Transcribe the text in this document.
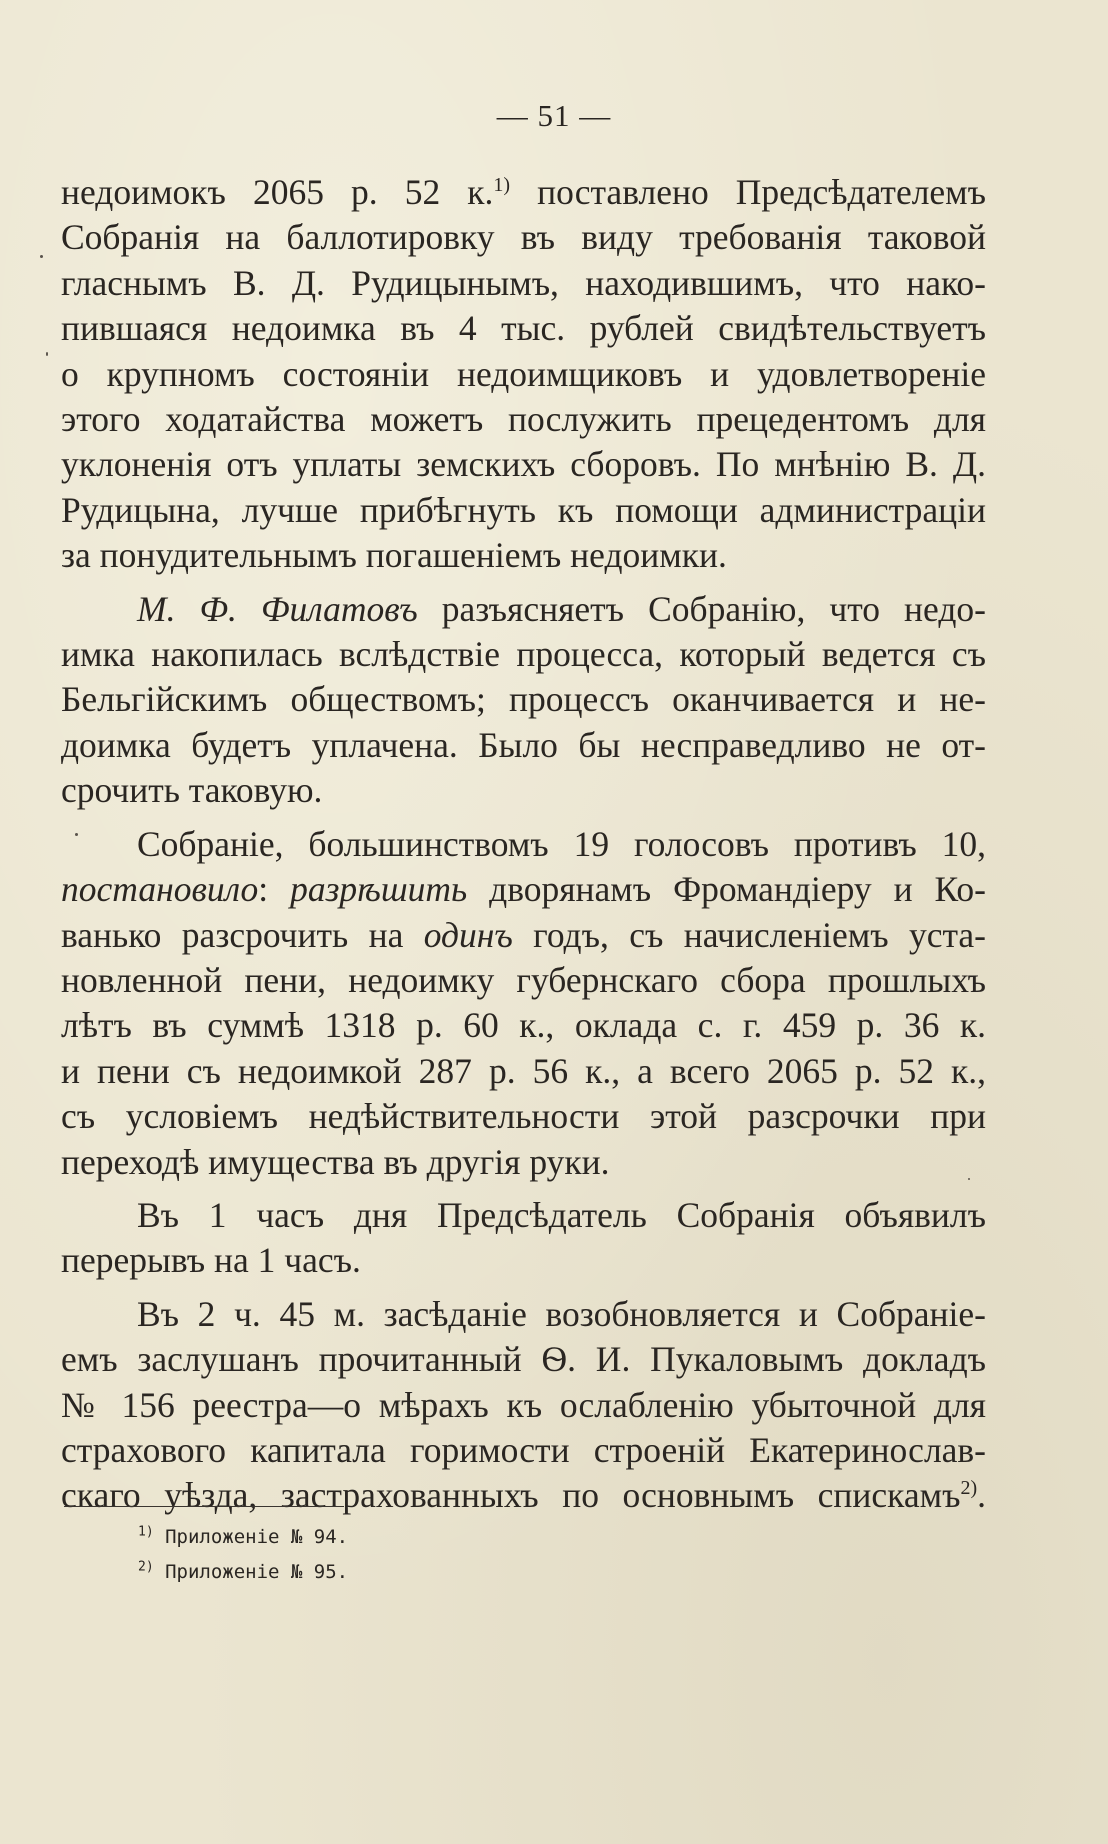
— 51 —
недоимокъ 2065 р. 52 к.$^{1)}$ поставлено Предсѣдателемъ
Собранія на баллотировку въ виду требованія таковой
гласнымъ В. Д. Рудицынымъ, находившимъ, что нако-
пившаяся недоимка въ 4 тыс. рублей свидѣтельствуетъ
о крупномъ состояніи недоимщиковъ и удовлетвореніе
этого ходатайства можетъ послужить прецедентомъ для
уклоненія отъ уплаты земскихъ сборовъ. По мнѣнію В. Д.
Рудицына, лучше прибѣгнуть къ помощи администраціи
за понудительнымъ погашеніемъ недоимки.
М. Ф. Филатовъ разъясняетъ Собранію, что недо-
имка накопилась вслѣдствіе процесса, который ведется съ
Бельгійскимъ обществомъ; процессъ оканчивается и не-
доимка будетъ уплачена. Было бы несправедливо не от-
срочить таковую.
Собраніе, большинствомъ 19 голосовъ противъ 10,
постановило: разрѣшить дворянамъ Фромандіеру и Ко-
ванько разсрочить на одинъ годъ, съ начисленіемъ уста-
новленной пени, недоимку губернскаго сбора прошлыхъ
лѣтъ въ суммѣ 1318 р. 60 к., оклада с. г. 459 р. 36 к.
и пени съ недоимкой 287 р. 56 к., а всего 2065 р. 52 к.,
съ условіемъ недѣйствительности этой разсрочки при
переходѣ имущества въ другія руки.
Въ 1 часъ дня Предсѣдатель Собранія объявилъ
перерывъ на 1 часъ.
Въ 2 ч. 45 м. засѣданіе возобновляется и Собраніе-
емъ заслушанъ прочитанный Ѳ. И. Пукаловымъ докладъ
№ 156 реестра—о мѣрахъ къ ослабленію убыточной для
страхового капитала горимости строеній Екатеринослав-
скаго уѣзда, застрахованныхъ по основнымъ спискамъ$^{2)}$.
$^{1)}$ Приложеніе № 94.
$^{2)}$ Приложеніе № 95.
